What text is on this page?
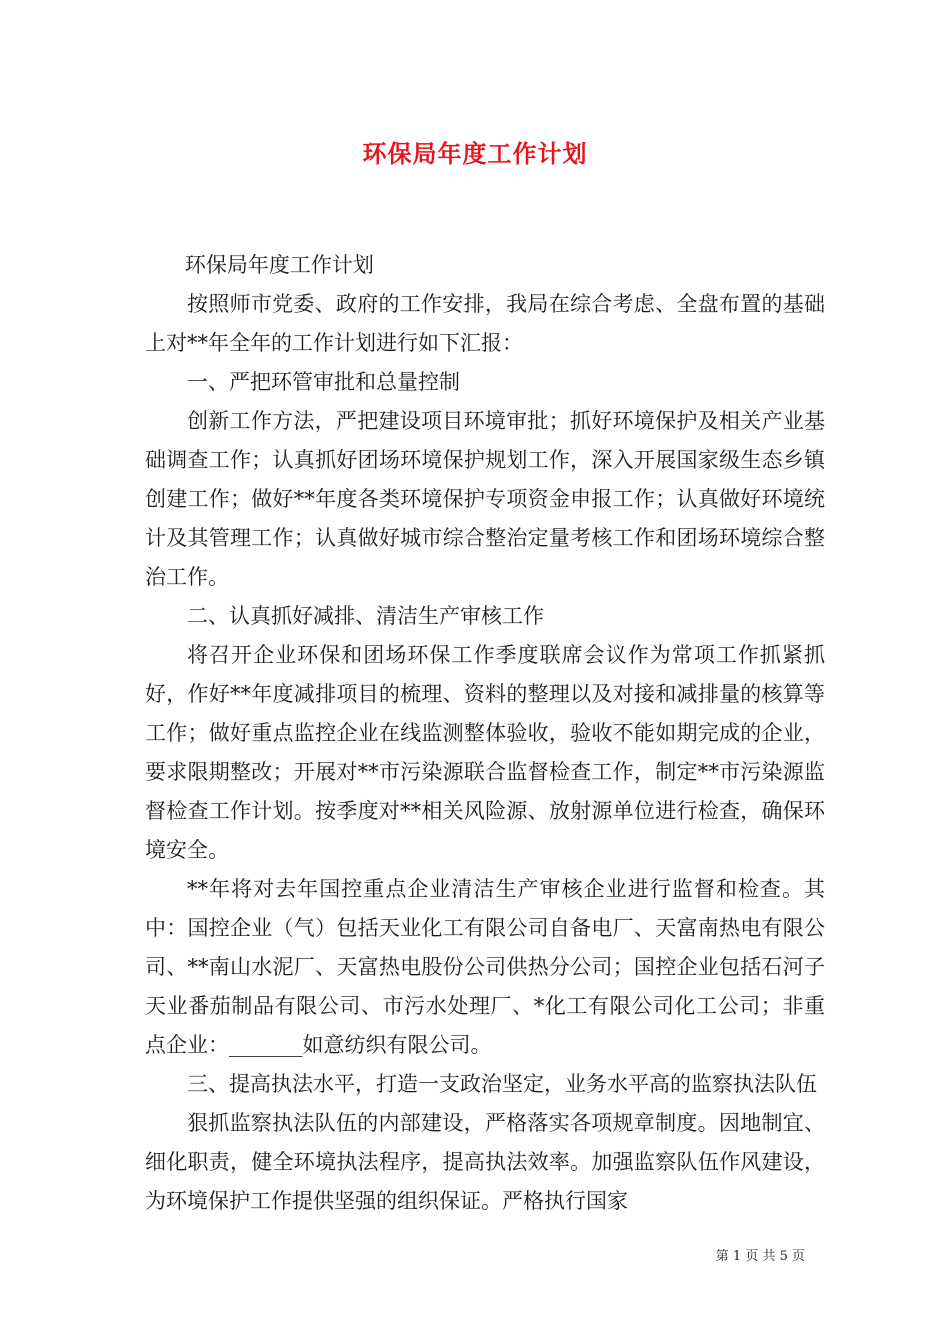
环保局年度工作计划

环保局年度工作计划

按照师市党委、政府的工作安排，我局在综合考虑、全盘布置的基础上对**年全年的工作计划进行如下汇报：

一、严把环管审批和总量控制

创新工作方法，严把建设项目环境审批；抓好环境保护及相关产业基础调查工作；认真抓好团场环境保护规划工作，深入开展国家级生态乡镇创建工作；做好**年度各类环境保护专项资金申报工作；认真做好环境统计及其管理工作；认真做好城市综合整治定量考核工作和团场环境综合整治工作。

二、认真抓好减排、清洁生产审核工作

将召开企业环保和团场环保工作季度联席会议作为常项工作抓紧抓好，作好**年度减排项目的梳理、资料的整理以及对接和减排量的核算等工作；做好重点监控企业在线监测整体验收，验收不能如期完成的企业，要求限期整改；开展对**市污染源联合监督检查工作，制定**市污染源监督检查工作计划。按季度对**相关风险源、放射源单位进行检查，确保环境安全。

**年将对去年国控重点企业清洁生产审核企业进行监督和检查。其中：国控企业（气）包括天业化工有限公司自备电厂、天富南热电有限公司、**南山水泥厂、天富热电股份公司供热分公司；国控企业包括石河子天业番茄制品有限公司、市污水处理厂、*化工有限公司化工公司；非重点企业：_______如意纺织有限公司。

三、提高执法水平，打造一支政治坚定，业务水平高的监察执法队伍

狠抓监察执法队伍的内部建设，严格落实各项规章制度。因地制宜、细化职责，健全环境执法程序，提高执法效率。加强监察队伍作风建设，为环境保护工作提供坚强的组织保证。严格执行国家

第 1 页 共 5 页
